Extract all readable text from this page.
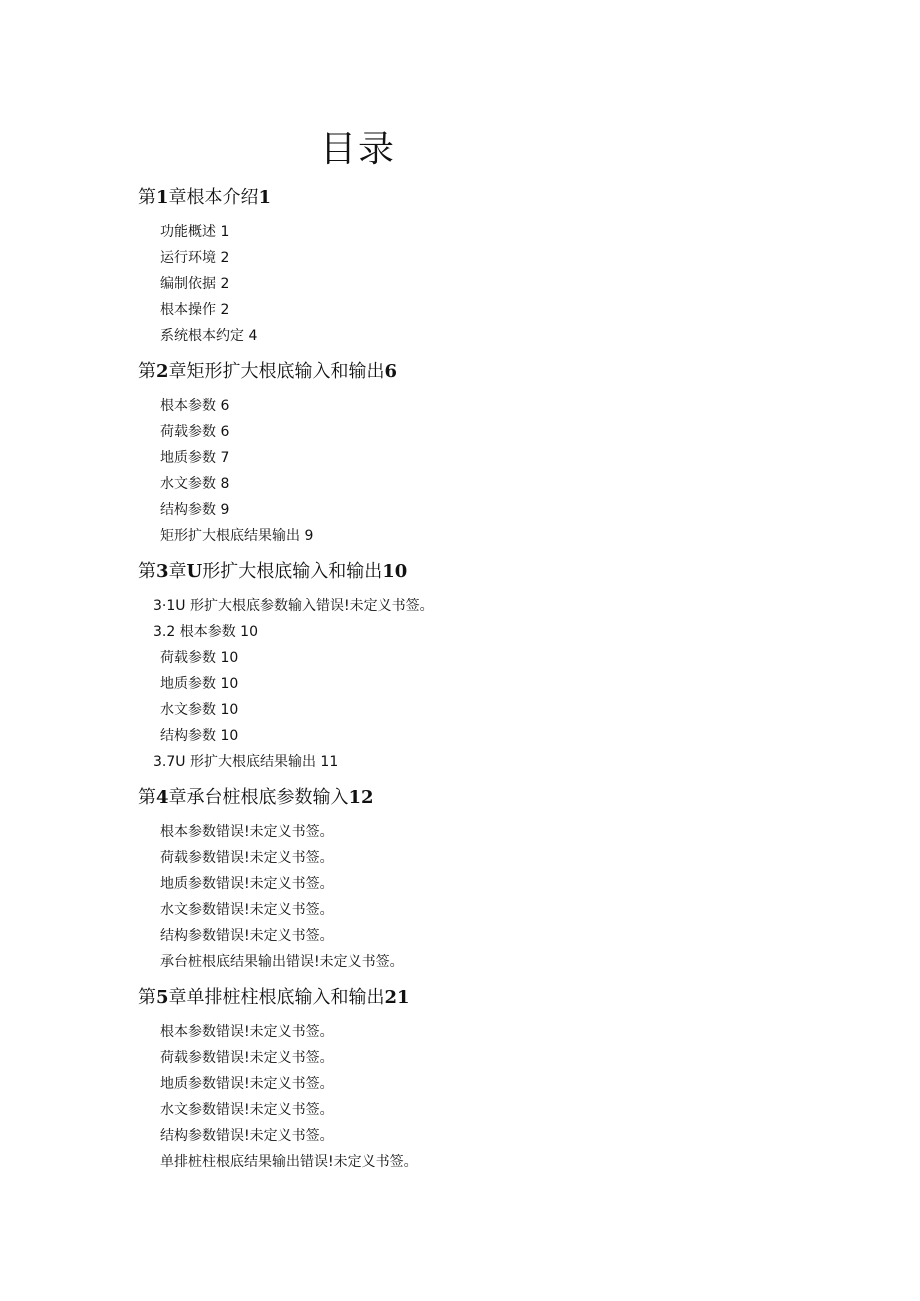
目录
第1章根本介绍1
功能概述 1
运行环境 2
编制依据 2
根本操作 2
系统根本约定 4
第2章矩形扩大根底输入和输出6
根本参数 6
荷载参数 6
地质参数 7
水文参数 8
结构参数 9
矩形扩大根底结果输出 9
第3章U形扩大根底输入和输出10
3·1U 形扩大根底参数输入错误!未定义书签。
3.2 根本参数 10
荷载参数 10
地质参数 10
水文参数 10
结构参数 10
3.7U 形扩大根底结果输出 11
第4章承台桩根底参数输入12
根本参数错误!未定义书签。
荷载参数错误!未定义书签。
地质参数错误!未定义书签。
水文参数错误!未定义书签。
结构参数错误!未定义书签。
承台桩根底结果输出错误!未定义书签。
第5章单排桩柱根底输入和输出21
根本参数错误!未定义书签。
荷载参数错误!未定义书签。
地质参数错误!未定义书签。
水文参数错误!未定义书签。
结构参数错误!未定义书签。
单排桩柱根底结果输出错误!未定义书签。
